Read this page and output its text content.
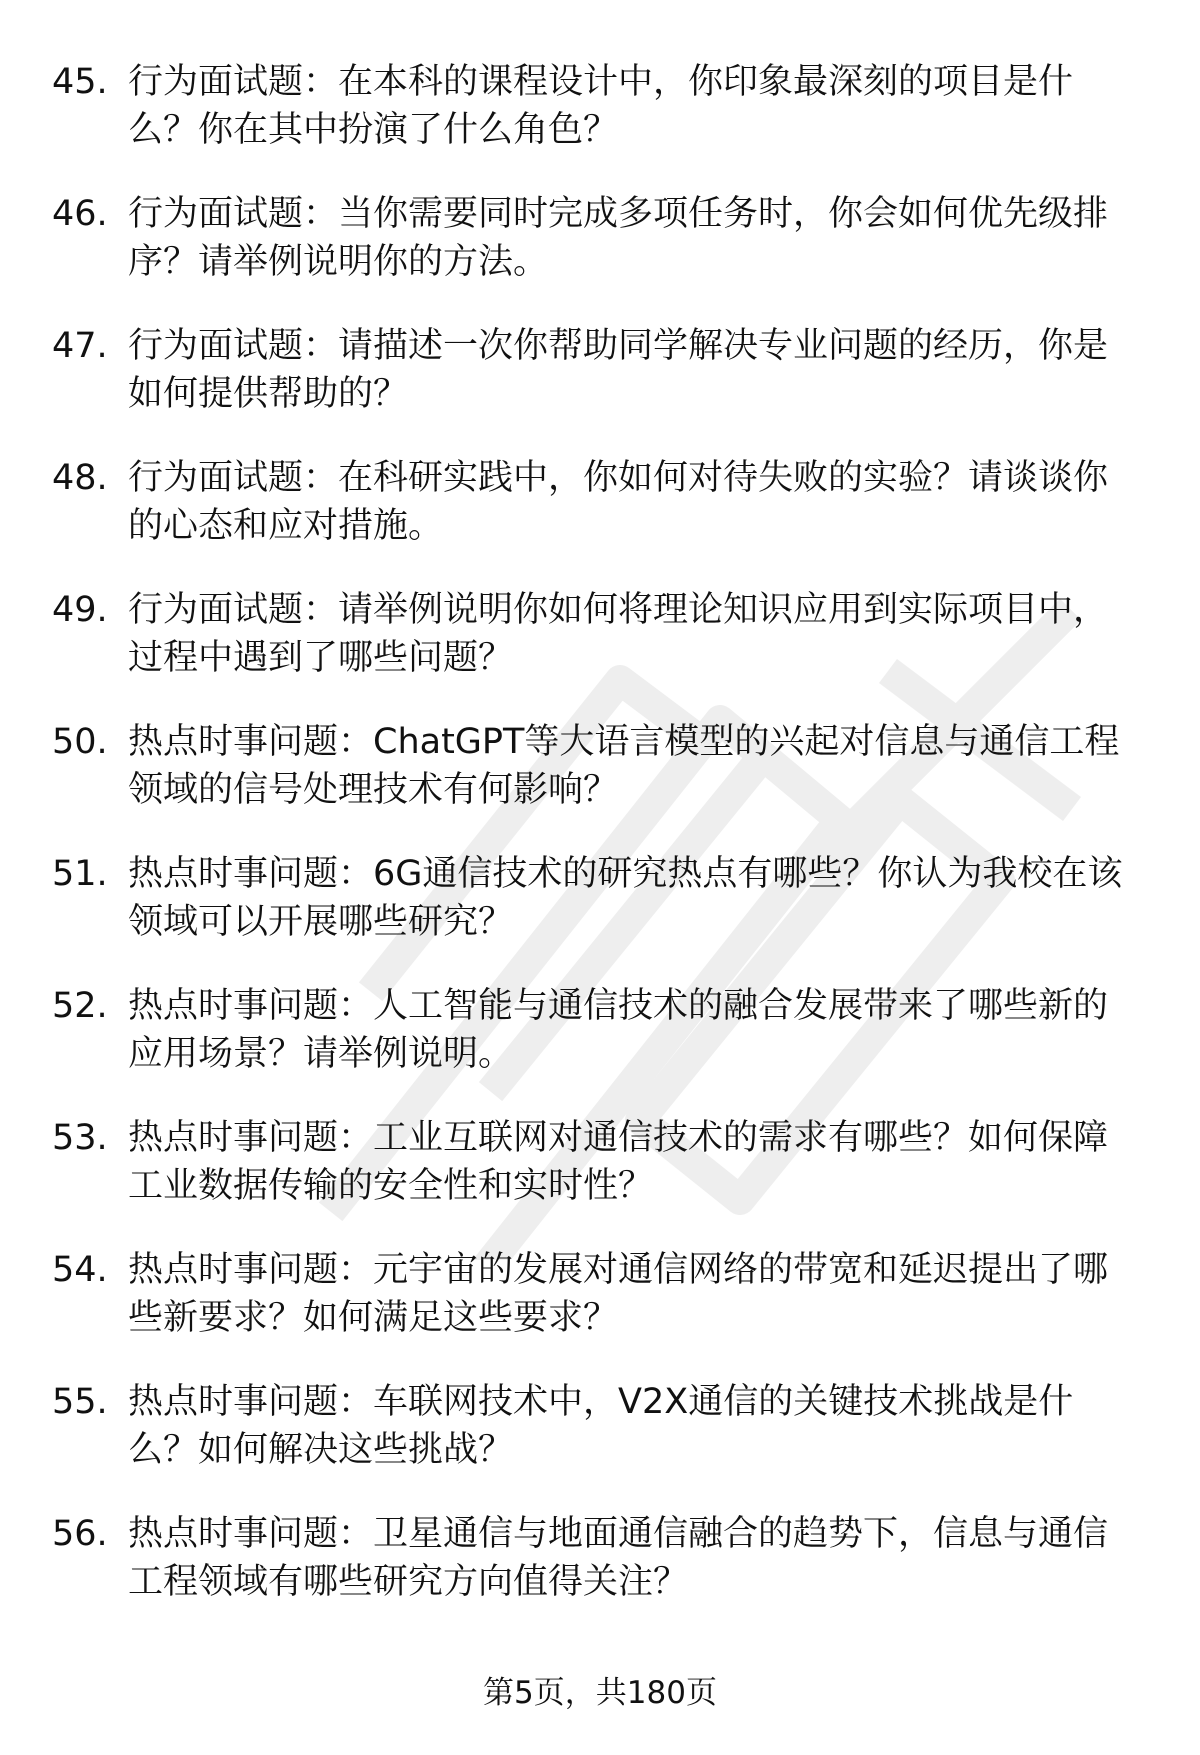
45. 行为面试题：在本科的课程设计中，你印象最深刻的项目是什么？你在其中扮演了什么角色？
46. 行为面试题：当你需要同时完成多项任务时，你会如何优先级排序？请举例说明你的方法。
47. 行为面试题：请描述一次你帮助同学解决专业问题的经历，你是如何提供帮助的？
48. 行为面试题：在科研实践中，你如何对待失败的实验？请谈谈你的心态和应对措施。
49. 行为面试题：请举例说明你如何将理论知识应用到实际项目中，过程中遇到了哪些问题？
50. 热点时事问题：ChatGPT等大语言模型的兴起对信息与通信工程领域的信号处理技术有何影响？
51. 热点时事问题：6G通信技术的研究热点有哪些？你认为我校在该领域可以开展哪些研究？
52. 热点时事问题：人工智能与通信技术的融合发展带来了哪些新的应用场景？请举例说明。
53. 热点时事问题：工业互联网对通信技术的需求有哪些？如何保障工业数据传输的安全性和实时性？
54. 热点时事问题：元宇宙的发展对通信网络的带宽和延迟提出了哪些新要求？如何满足这些要求？
55. 热点时事问题：车联网技术中，V2X通信的关键技术挑战是什么？如何解决这些挑战？
56. 热点时事问题：卫星通信与地面通信融合的趋势下，信息与通信工程领域有哪些研究方向值得关注？
第5页，共180页
